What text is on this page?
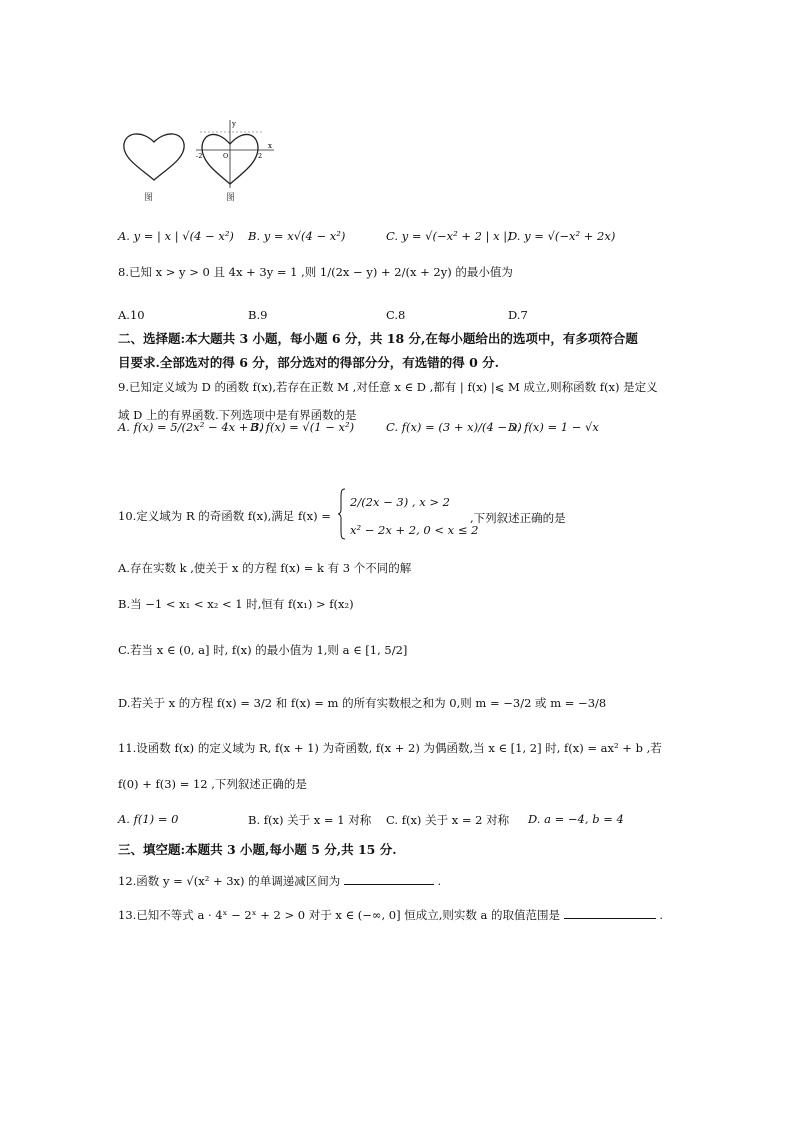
图
y
x
O
-2	2
图
A. y = | x | √(4 − x²) B. y = x√(4 − x²)	C. y = √(−x² + 2 | x |)
D. y = √(−x² + 2x)
8.已知 x > y > 0 且 4x + 3y = 1 ,则 1/(2x − y) + 2/(x + 2y) 的最小值为
A.10	B.9	C.8	D.7
二、选择题:本大题共 3 小题，每小题 6 分，共 18 分,在每小题给出的选项中，有多项符合题
目要求.全部选对的得 6 分，部分选对的得部分分，有选错的得 0 分.
9.已知定义域为 D 的函数 f(x),若存在正数 M ,对任意 x ∈ D ,都有 | f(x) |⩽ M 成立,则称函数 f(x) 是定义
域 D 上的有界函数.下列选项中是有界函数的是
A. f(x) = 5/(2x² − 4x + 3)
B. f(x) = √(1 − x²)	C. f(x) = (3 + x)/(4 − x)
D. f(x) = 1 − √x
10.定义域为 R 的奇函数 f(x),满足 f(x) =
2/(2x − 3) , x > 2
x² − 2x + 2, 0 < x ≤ 2
,下列叙述正确的是
A.存在实数 k ,使关于 x 的方程 f(x) = k 有 3 个不同的解
B.当 −1 < x₁ < x₂ < 1 时,恒有 f(x₁) > f(x₂)
C.若当 x ∈ (0, a] 时, f(x) 的最小值为 1,则 a ∈ [1, 5/2]
D.若关于 x 的方程 f(x) = 3/2 和 f(x) = m 的所有实数根之和为 0,则 m = −3/2 或 m = −3/8
11.设函数 f(x) 的定义域为 R, f(x + 1) 为奇函数, f(x + 2) 为偶函数,当 x ∈ [1, 2] 时, f(x) = ax² + b ,若
f(0) + f(3) = 12 ,下列叙述正确的是
A. f(1) = 0	B. f(x) 关于 x = 1 对称 C. f(x) 关于 x = 2 对称 D. a = −4, b = 4
三、填空题:本题共 3 小题,每小题 5 分,共 15 分.
12.函数 y = √(x² + 3x) 的单调递减区间为	.
13.已知不等式 a · 4ˣ − 2ˣ + 2 > 0 对于 x ∈ (−∞, 0] 恒成立,则实数 a 的取值范围是	.
